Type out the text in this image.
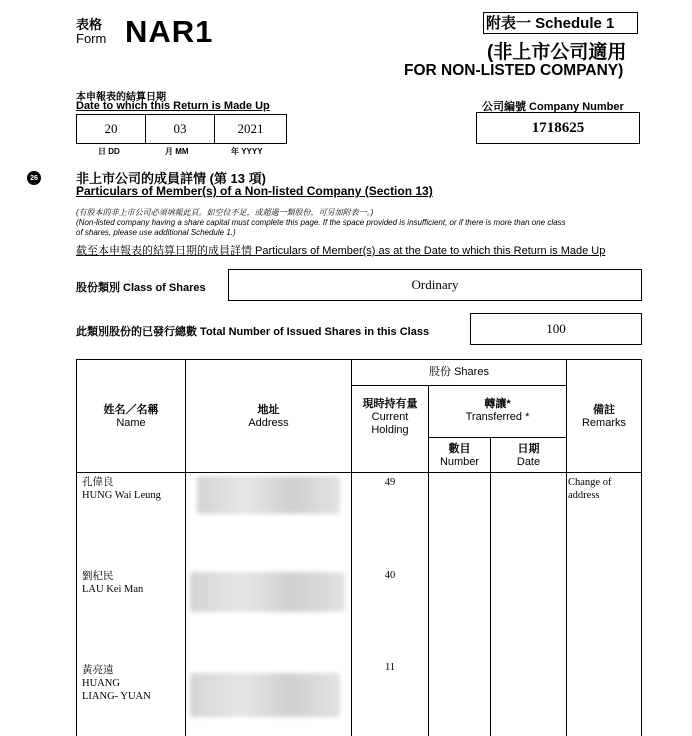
表格
Form NAR1	附表一 Schedule 1
(非上市公司適用
FOR NON-LISTED COMPANY)
本申報表的結算日期
Date to which this Return is Made Up
20	03	2021
日 DD	月 MM	年 YYYY
公司編號 Company Number
1718625
26	非上市公司的成員詳情 (第 13 項)
Particulars of Member(s) of a Non-listed Company (Section 13)
(有股本的非上市公司必須填報此頁。如空位不足，或超過一類股份，可另加附表一。)
(Non-listed company having a share capital must complete this page. If the space provided is insufficient, or if there is more than one class
of shares, please use additional Schedule 1.)
截至本申報表的結算日期的成員詳情 Particulars of Member(s) as at the Date to which this Return is Made Up
股份類別 Class of Shares	Ordinary
此類別股份的已發行總數 Total Number of Issued Shares in this Class	100
姓名／名稱
Name
地址
Address
股份 Shares
現時持有量
Current
Holding
轉讓*
Transferred *
數目
Number
日期
Date
備註
Remarks
孔偉良
HUNG Wai Leung
49	Change of
address
劉杞民
LAU Kei Man
40
黃亮遠
HUANG
LIANG- YUAN
11
